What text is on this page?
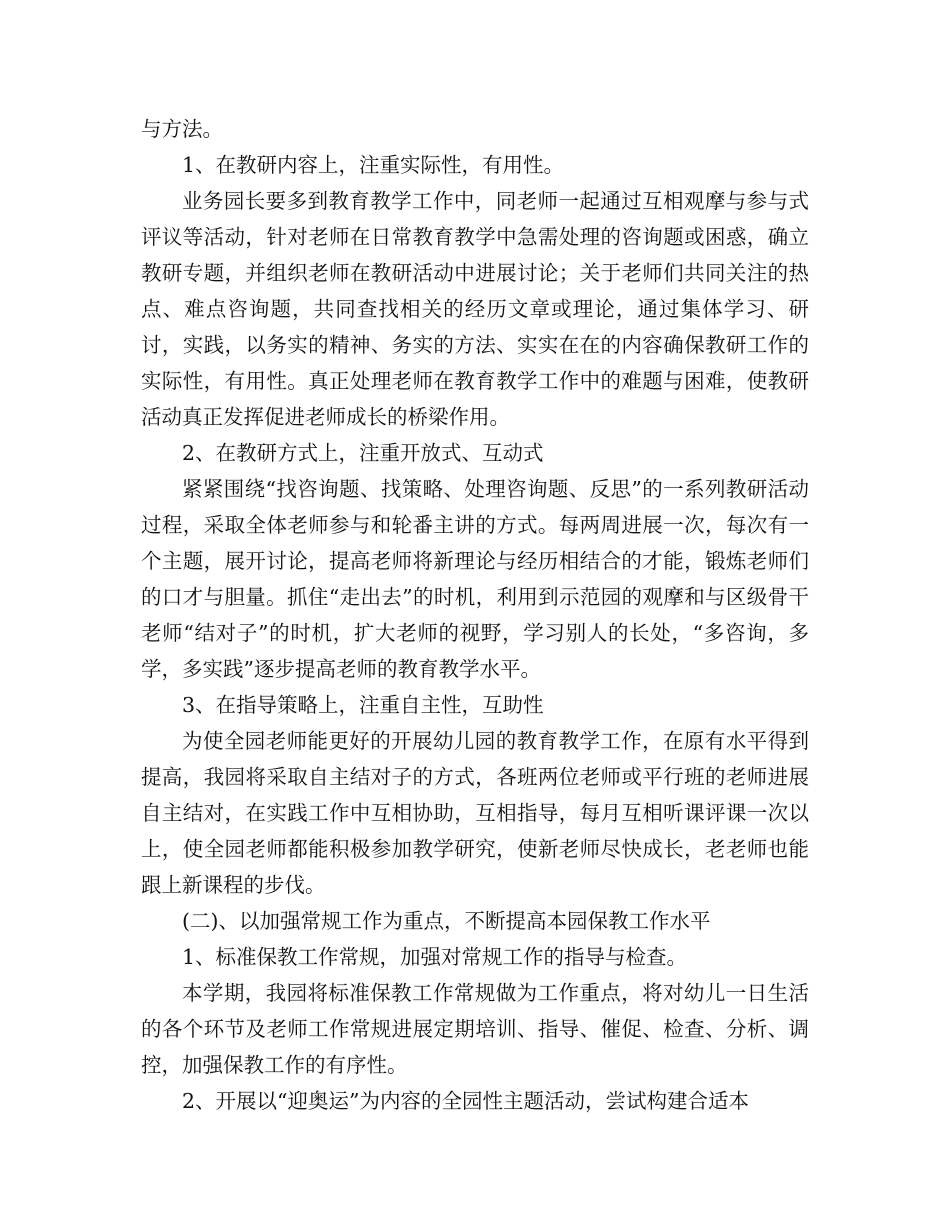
与方法。

1、在教研内容上，注重实际性，有用性。

业务园长要多到教育教学工作中，同老师一起通过互相观摩与参与式评议等活动，针对老师在日常教育教学中急需处理的咨询题或困惑，确立教研专题，并组织老师在教研活动中进展讨论；关于老师们共同关注的热点、难点咨询题，共同查找相关的经历文章或理论，通过集体学习、研讨，实践，以务实的精神、务实的方法、实实在在的内容确保教研工作的实际性，有用性。真正处理老师在教育教学工作中的难题与困难，使教研活动真正发挥促进老师成长的桥梁作用。

2、在教研方式上，注重开放式、互动式

紧紧围绕“找咨询题、找策略、处理咨询题、反思”的一系列教研活动过程，采取全体老师参与和轮番主讲的方式。每两周进展一次，每次有一个主题，展开讨论，提高老师将新理论与经历相结合的才能，锻炼老师们的口才与胆量。抓住“走出去”的时机，利用到示范园的观摩和与区级骨干老师“结对子”的时机，扩大老师的视野，学习别人的长处，“多咨询，多学，多实践”逐步提高老师的教育教学水平。

3、在指导策略上，注重自主性，互助性

为使全园老师能更好的开展幼儿园的教育教学工作，在原有水平得到提高，我园将采取自主结对子的方式，各班两位老师或平行班的老师进展自主结对，在实践工作中互相协助，互相指导，每月互相听课评课一次以上，使全园老师都能积极参加教学研究，使新老师尽快成长，老老师也能跟上新课程的步伐。

(二)、以加强常规工作为重点，不断提高本园保教工作水平

1、标准保教工作常规，加强对常规工作的指导与检查。

本学期，我园将标准保教工作常规做为工作重点，将对幼儿一日生活的各个环节及老师工作常规进展定期培训、指导、催促、检查、分析、调控，加强保教工作的有序性。

2、开展以“迎奥运”为内容的全园性主题活动，尝试构建合适本
